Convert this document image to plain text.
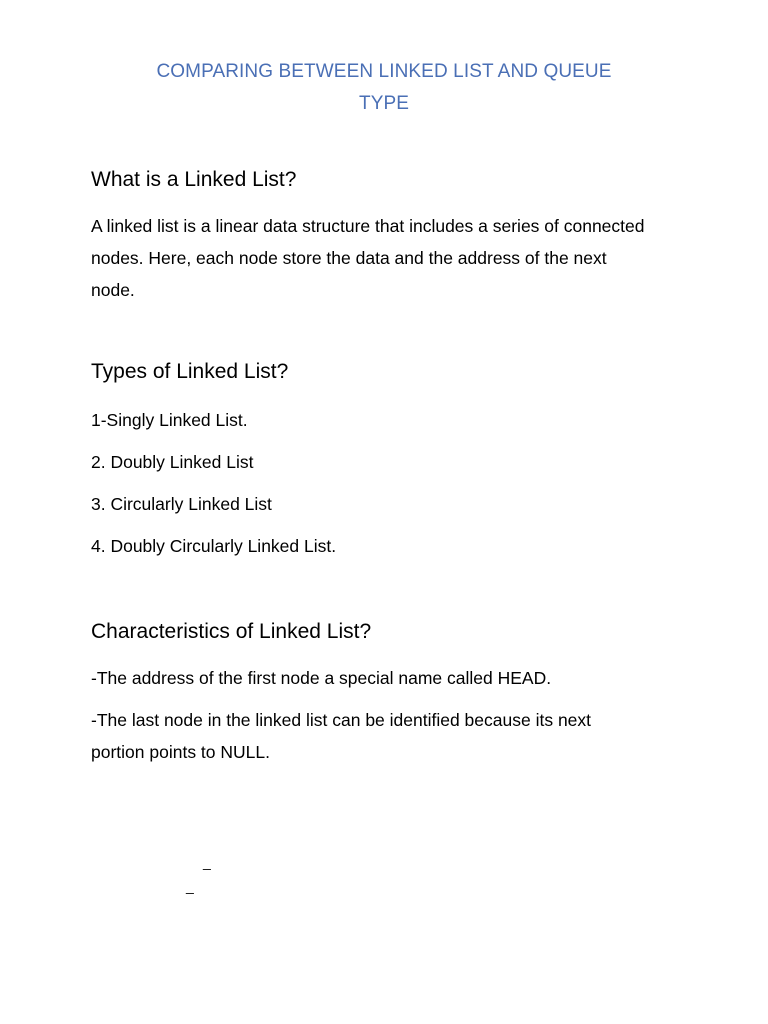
COMPARING BETWEEN LINKED LIST AND QUEUE
TYPE
What is a Linked List?
A linked list is a linear data structure that includes a series of connected
nodes. Here, each node store the data and the address of the next
node.
Types of Linked List?
1-Singly Linked List.
2. Doubly Linked List
3. Circularly Linked List
4. Doubly Circularly Linked List.
Characteristics of Linked List?
-The address of the first node a special name called HEAD.
-The last node in the linked list can be identified because its next
portion points to NULL.
_
_
